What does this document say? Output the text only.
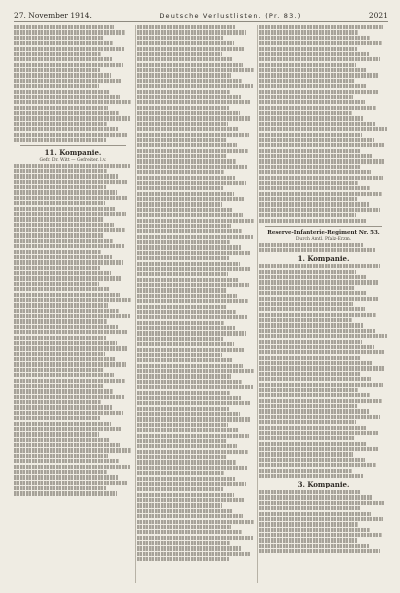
27. November 1914.	Deutsche Verlustlisten. (Pr. 83.)	2021
11. Kompanie.
Gefr. Dr. Witt — Gefreiter. l.v.
Reserve-Infanterie-Regiment Nr. 53.
Durch Amtl. Pfalz-Erzm.
1. Kompanie.
3. Kompanie.
